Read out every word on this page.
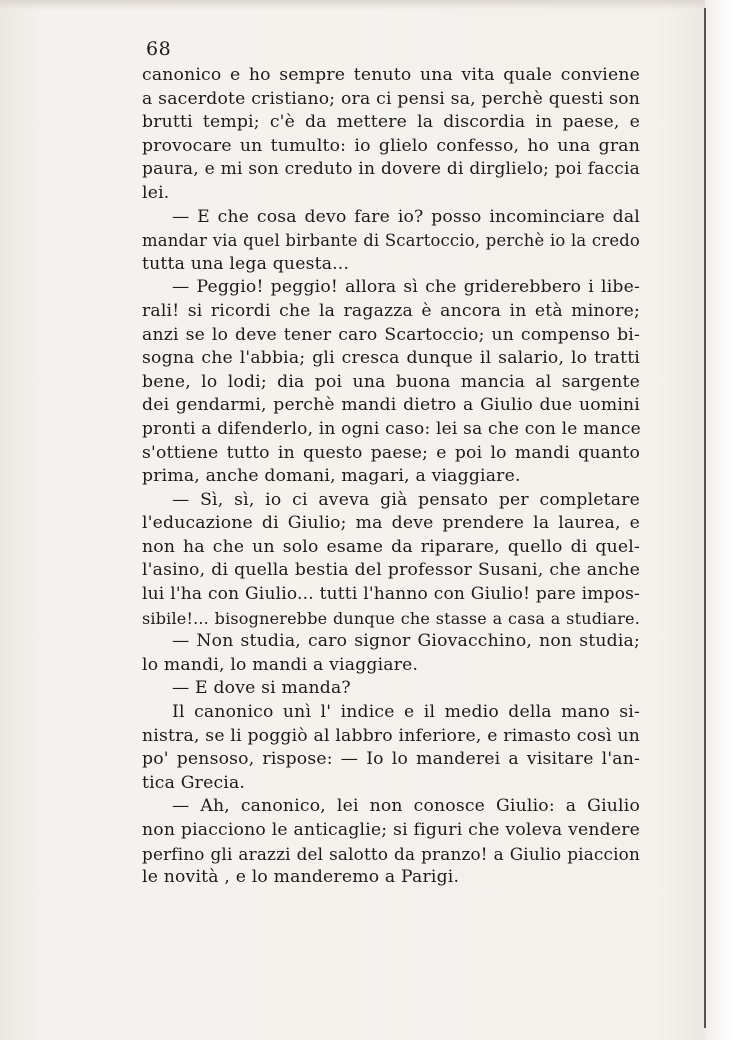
68
canonico e ho sempre tenuto una vita quale conviene
a sacerdote cristiano; ora ci pensi sa, perchè questi son
brutti tempi; c'è da mettere la discordia in paese, e
provocare un tumulto: io glielo confesso, ho una gran
paura, e mi son creduto in dovere di dirglielo; poi faccia
lei.
— E che cosa devo fare io? posso incominciare dal
mandar via quel birbante di Scartoccio, perchè io la credo
tutta una lega questa...
— Peggio! peggio! allora sì che griderebbero i libe-
rali! si ricordi che la ragazza è ancora in età minore;
anzi se lo deve tener caro Scartoccio; un compenso bi-
sogna che l'abbia; gli cresca dunque il salario, lo tratti
bene, lo lodi; dia poi una buona mancia al sargente
dei gendarmi, perchè mandi dietro a Giulio due uomini
pronti a difenderlo, in ogni caso: lei sa che con le mance
s'ottiene tutto in questo paese; e poi lo mandi quanto
prima, anche domani, magari, a viaggiare.
— Sì, sì, io ci aveva già pensato per completare
l'educazione di Giulio; ma deve prendere la laurea, e
non ha che un solo esame da riparare, quello di quel-
l'asino, di quella bestia del professor Susani, che anche
lui l'ha con Giulio... tutti l'hanno con Giulio! pare impos-
sibile!... bisognerebbe dunque che stasse a casa a studiare.
— Non studia, caro signor Giovacchino, non studia;
lo mandi, lo mandi a viaggiare.
— E dove si manda?
Il canonico unì l' indice e il medio della mano si-
nistra, se li poggiò al labbro inferiore, e rimasto così un
po' pensoso, rispose: — Io lo manderei a visitare l'an-
tica Grecia.
— Ah, canonico, lei non conosce Giulio: a Giulio
non piacciono le anticaglie; si figuri che voleva vendere
perfino gli arazzi del salotto da pranzo! a Giulio piaccion
le novità , e lo manderemo a Parigi.
